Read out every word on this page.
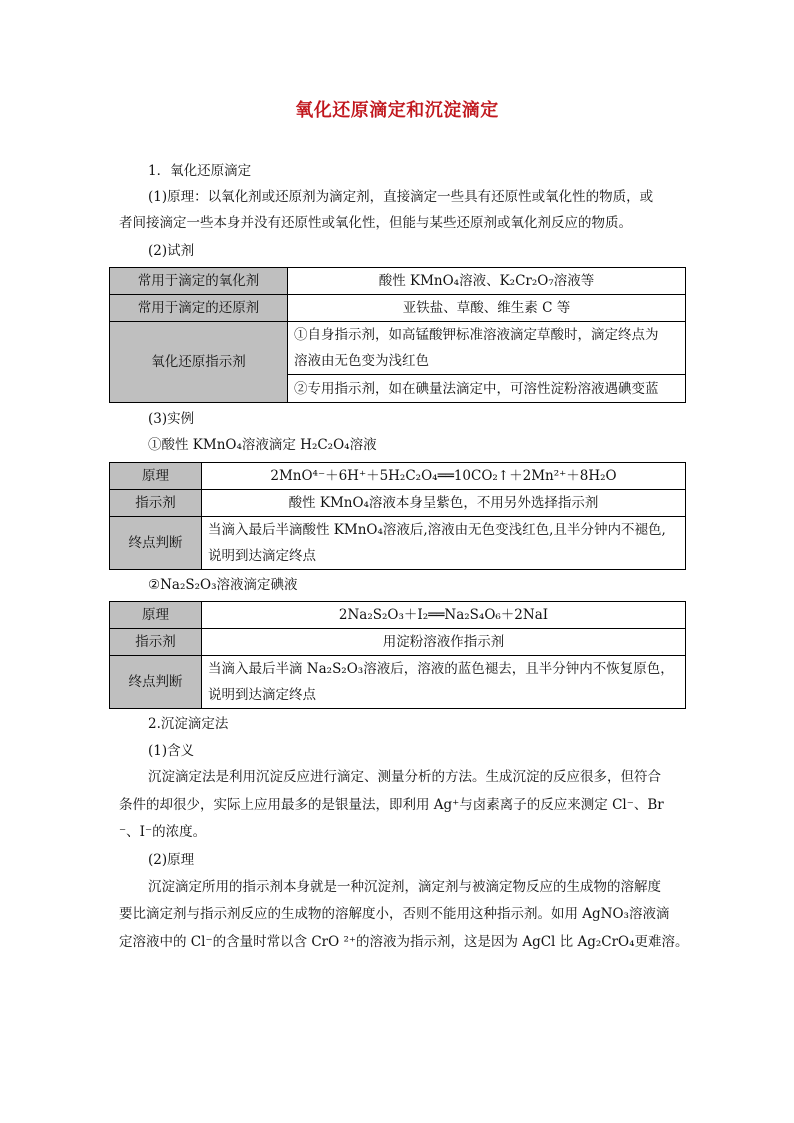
氧化还原滴定和沉淀滴定
1．氧化还原滴定
(1)原理：以氧化剂或还原剂为滴定剂，直接滴定一些具有还原性或氧化性的物质，或
者间接滴定一些本身并没有还原性或氧化性，但能与某些还原剂或氧化剂反应的物质。
(2)试剂
常用于滴定的氧化剂	酸性 KMnO₄溶液、K₂Cr₂O₇溶液等
常用于滴定的还原剂	亚铁盐、草酸、维生素 C 等
氧化还原指示剂	①自身指示剂，如高锰酸钾标准溶液滴定草酸时，滴定终点为
溶液由无色变为浅红色

	②专用指示剂，如在碘量法滴定中，可溶性淀粉溶液遇碘变蓝
(3)实例
①酸性 KMnO₄溶液滴定 H₂C₂O₄溶液
原理	2MnO⁴⁻＋6H⁺＋5H₂C₂O₄══10CO₂↑＋2Mn²⁺＋8H₂O
指示剂	酸性 KMnO₄溶液本身呈紫色，不用另外选择指示剂
终点判断	当滴入最后半滴酸性 KMnO₄溶液后,溶液由无色变浅红色,且半分钟内不褪色,
说明到达滴定终点
②Na₂S₂O₃溶液滴定碘液
原理	2Na₂S₂O₃＋I₂══Na₂S₄O₆＋2NaI
指示剂	用淀粉溶液作指示剂
终点判断	当滴入最后半滴 Na₂S₂O₃溶液后，溶液的蓝色褪去，且半分钟内不恢复原色，
说明到达滴定终点
2.沉淀滴定法
(1)含义
沉淀滴定法是利用沉淀反应进行滴定、测量分析的方法。生成沉淀的反应很多，但符合
条件的却很少，实际上应用最多的是银量法，即利用 Ag⁺与卤素离子的反应来测定 Cl⁻、Br
⁻、I⁻的浓度。
(2)原理
沉淀滴定所用的指示剂本身就是一种沉淀剂，滴定剂与被滴定物反应的生成物的溶解度
要比滴定剂与指示剂反应的生成物的溶解度小，否则不能用这种指示剂。如用 AgNO₃溶液滴
定溶液中的 Cl⁻的含量时常以含 CrO ²⁺的溶液为指示剂，这是因为 AgCl 比 Ag₂CrO₄更难溶。
